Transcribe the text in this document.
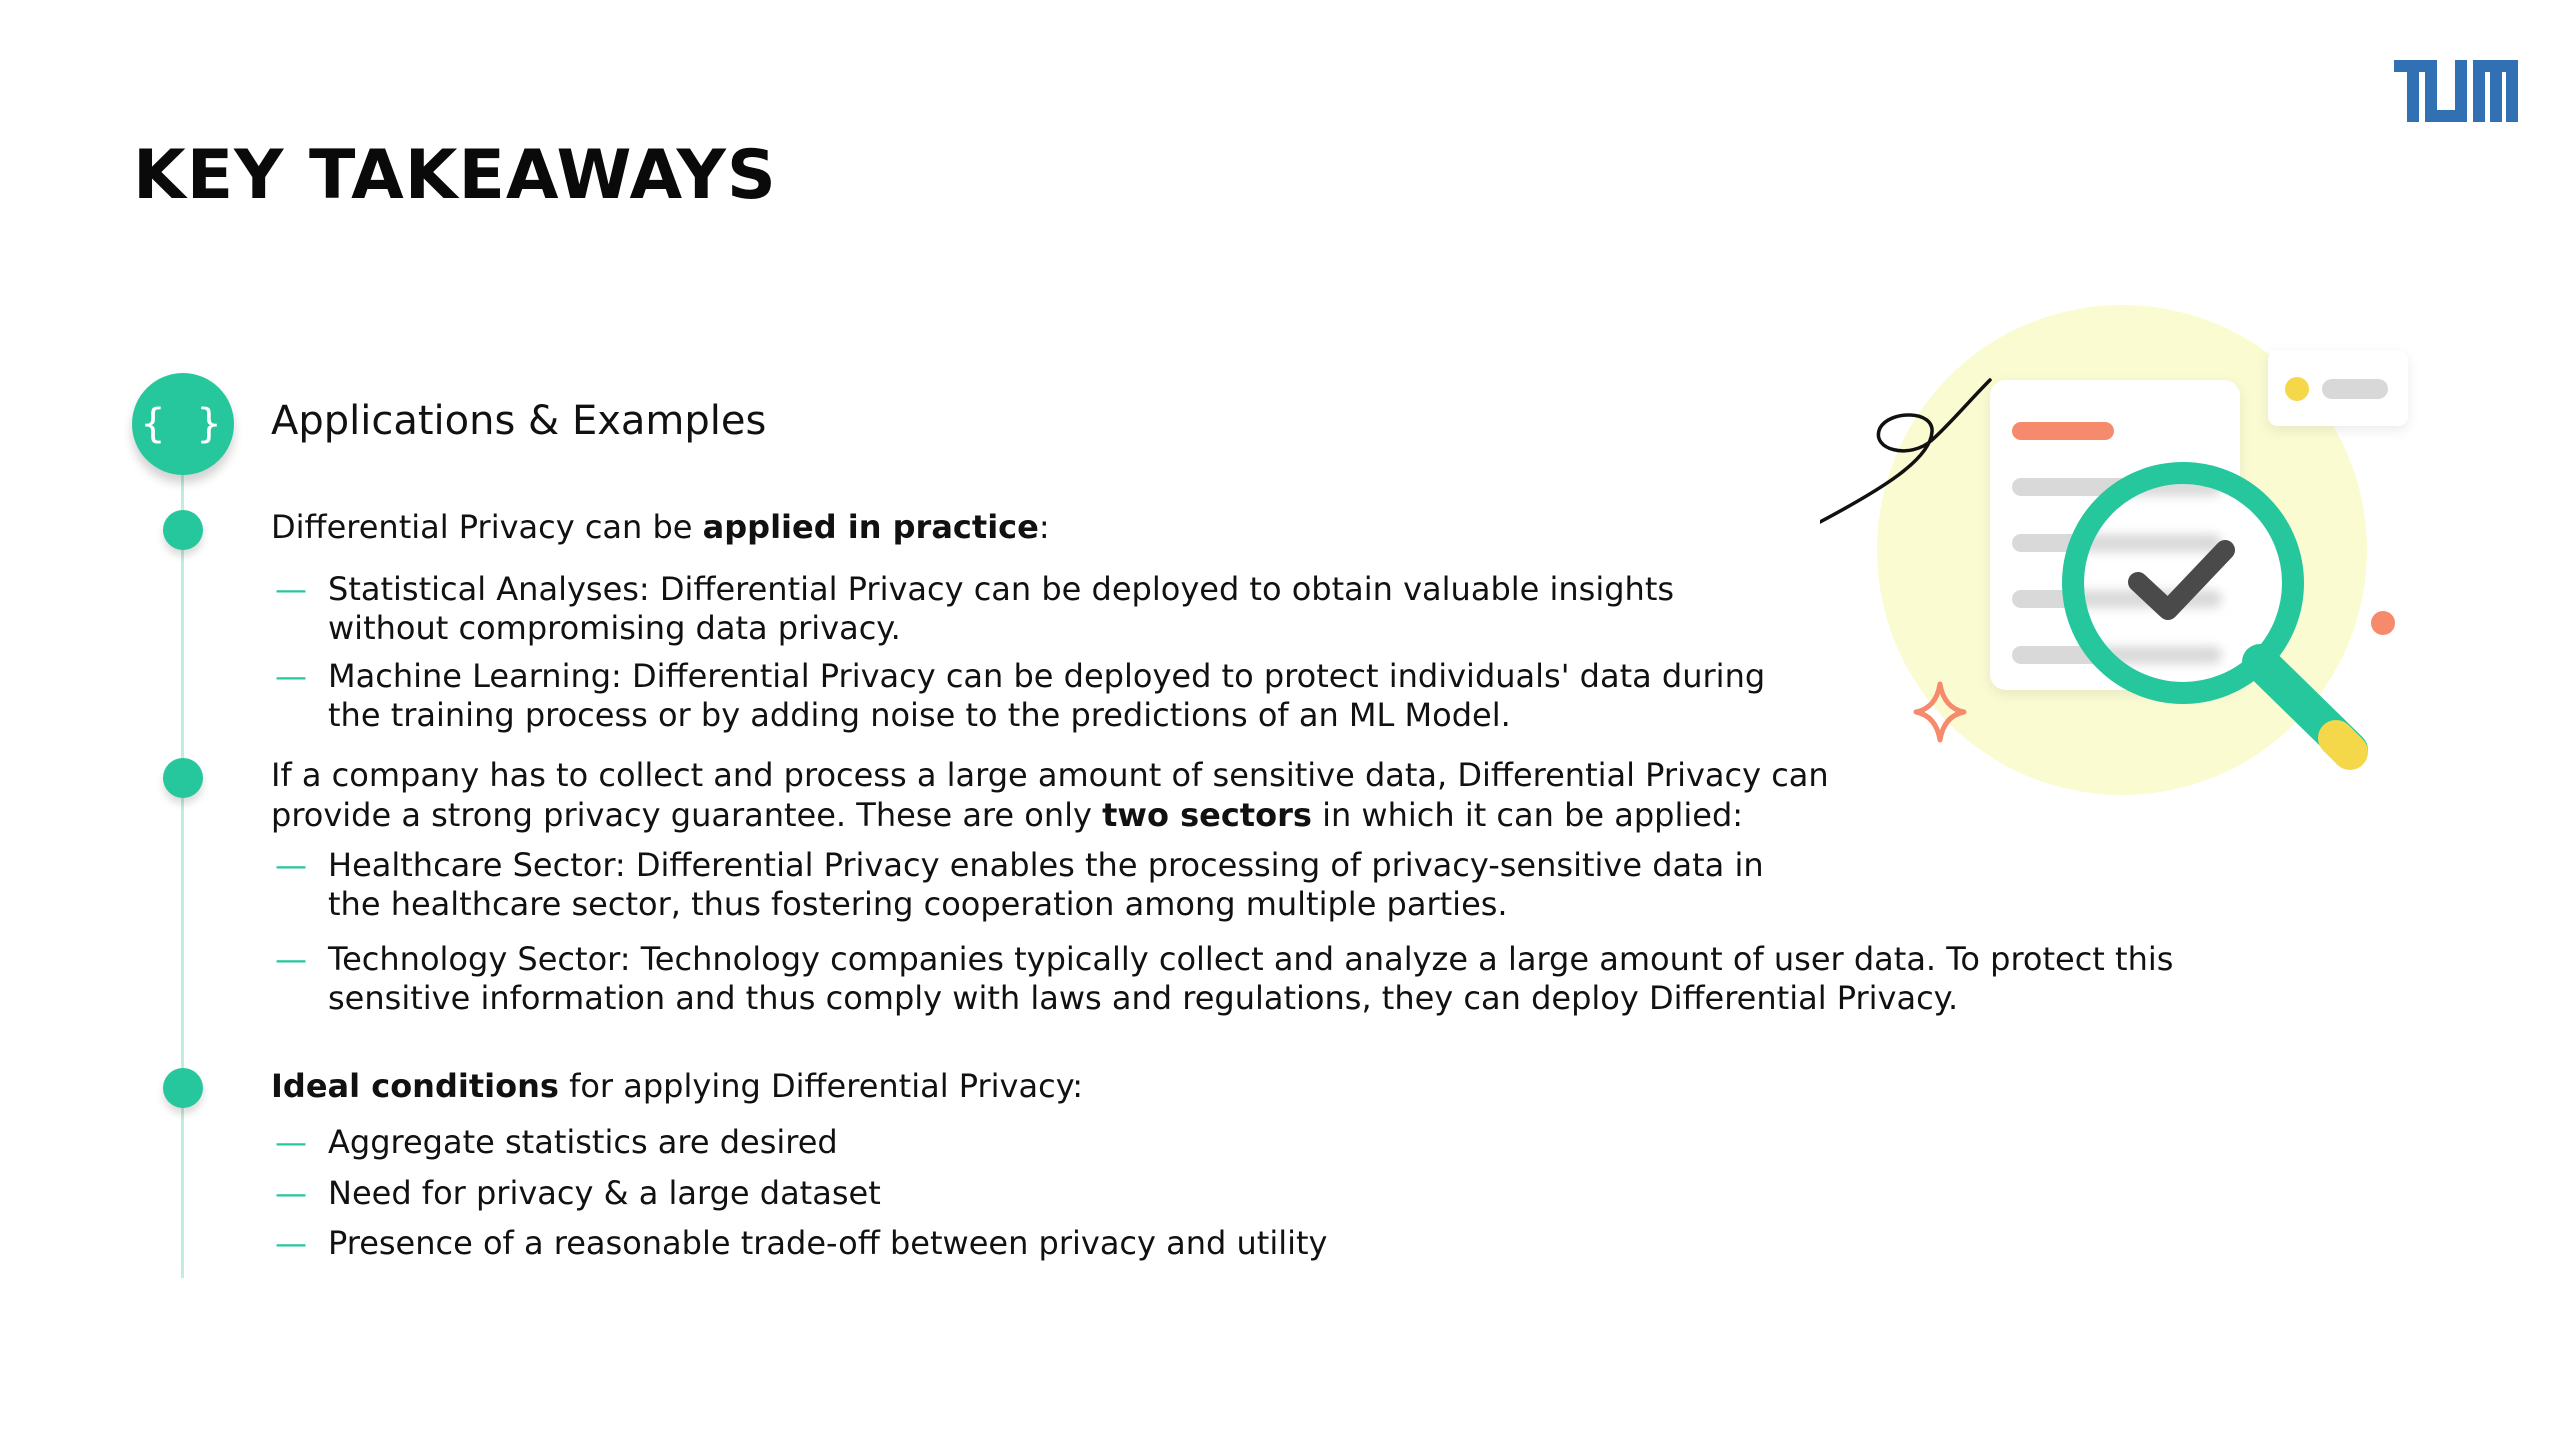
KEY TAKEAWAYS
{ } Applications & Examples
Differential Privacy can be applied in practice:
— Statistical Analyses: Differential Privacy can be deployed to obtain valuable insights without compromising data privacy.
— Machine Learning: Differential Privacy can be deployed to protect individuals' data during the training process or by adding noise to the predictions of an ML Model.
If a company has to collect and process a large amount of sensitive data, Differential Privacy can
provide a strong privacy guarantee. These are only two sectors in which it can be applied:
— Healthcare Sector: Differential Privacy enables the processing of privacy-sensitive data in the healthcare sector, thus fostering cooperation among multiple parties.
— Technology Sector: Technology companies typically collect and analyze a large amount of user data. To protect this sensitive information and thus comply with laws and regulations, they can deploy Differential Privacy.
Ideal conditions for applying Differential Privacy:
— Aggregate statistics are desired
— Need for privacy & a large dataset
— Presence of a reasonable trade-off between privacy and utility
